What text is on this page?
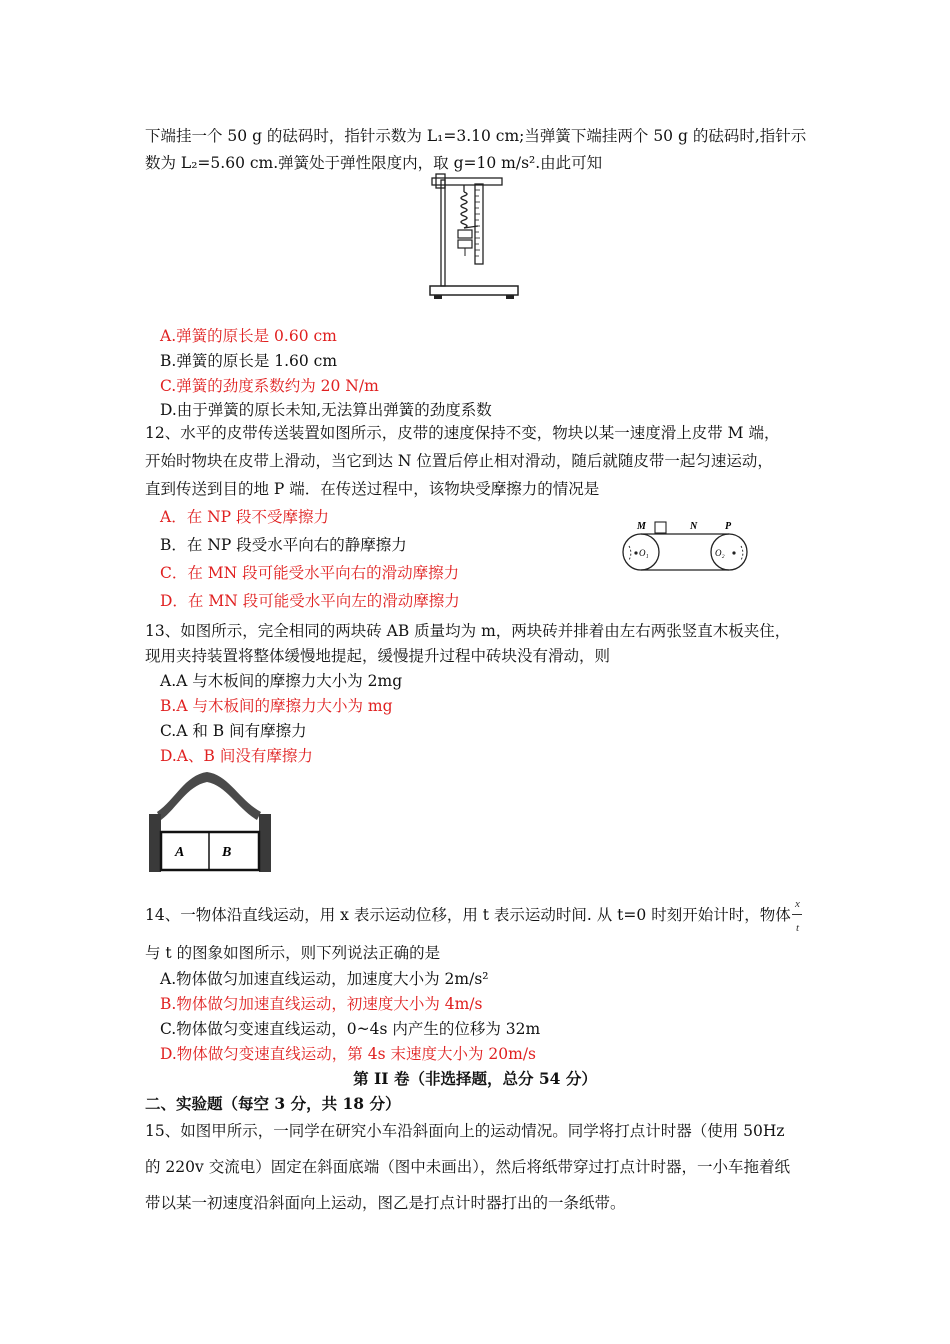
下端挂一个 50 g 的砝码时，指针示数为 L₁=3.10 cm;当弹簧下端挂两个 50 g 的砝码时,指针示
数为 L₂=5.60 cm.弹簧处于弹性限度内，取 g=10 m/s².由此可知
A.弹簧的原长是 0.60 cm
B.弹簧的原长是 1.60 cm
C.弹簧的劲度系数约为 20 N/m
D.由于弹簧的原长未知,无法算出弹簧的劲度系数
12、水平的皮带传送装置如图所示，皮带的速度保持不变，物块以某一速度滑上皮带 M 端，
开始时物块在皮带上滑动，当它到达 N 位置后停止相对滑动，随后就随皮带一起匀速运动，
直到传送到目的地 P 端．在传送过程中，该物块受摩擦力的情况是
A．在 NP 段不受摩擦力
B．在 NP 段受水平向右的静摩擦力
C．在 MN 段可能受水平向右的滑动摩擦力
D．在 MN 段可能受水平向左的滑动摩擦力
M	N	P
O₁	O₂
13、如图所示，完全相同的两块砖 AB 质量均为 m，两块砖并排着由左右两张竖直木板夹住，
现用夹持装置将整体缓慢地提起，缓慢提升过程中砖块没有滑动，则
A.A 与木板间的摩擦力大小为 2mg
B.A 与木板间的摩擦力大小为 mg
C.A 和 B 间有摩擦力
D.A、B 间没有摩擦力
A	B
14、一物体沿直线运动，用 x 表示运动位移，用 t 表示运动时间. 从 t=0 时刻开始计时，物体
x
t
与 t 的图象如图所示，则下列说法正确的是
A.物体做匀加速直线运动，加速度大小为 2m/s²
B.物体做匀加速直线运动，初速度大小为 4m/s
C.物体做匀变速直线运动，0~4s 内产生的位移为 32m
D.物体做匀变速直线运动，第 4s 末速度大小为 20m/s
第 II 卷（非选择题，总分 54 分）
二、实验题（每空 3 分，共 18 分）
15、如图甲所示，一同学在研究小车沿斜面向上的运动情况。同学将打点计时器（使用 50Hz
的 220v 交流电）固定在斜面底端（图中未画出），然后将纸带穿过打点计时器，一小车拖着纸
带以某一初速度沿斜面向上运动，图乙是打点计时器打出的一条纸带。
